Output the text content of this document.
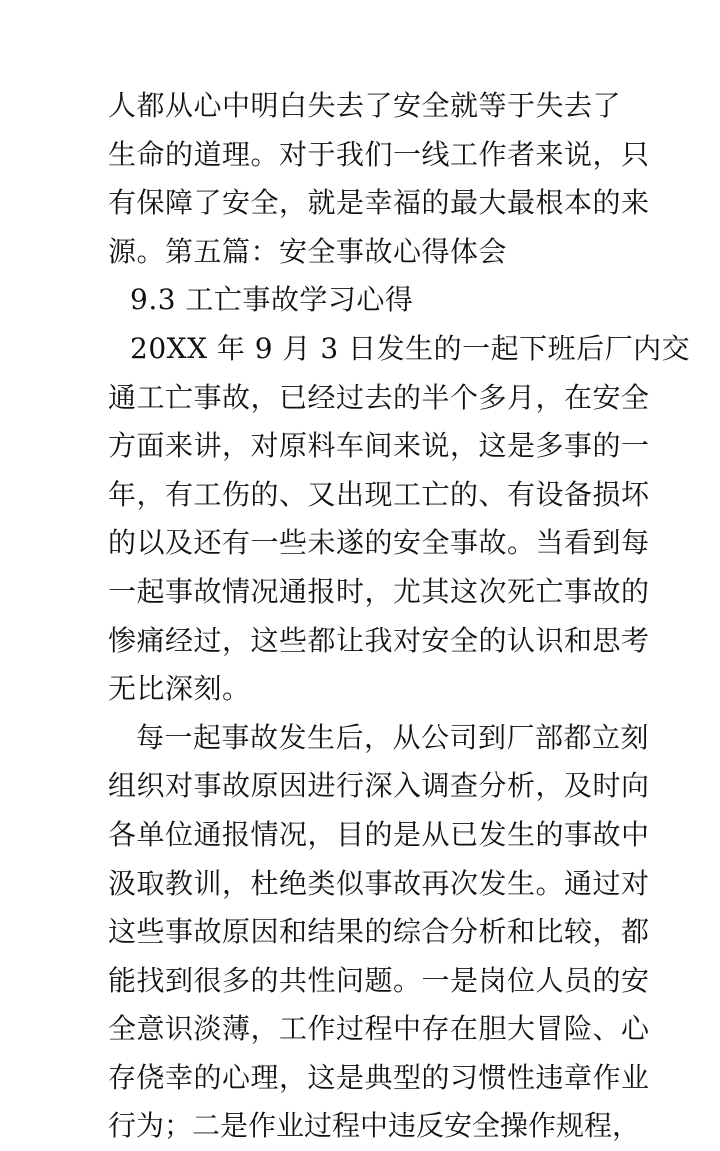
人都从心中明白失去了安全就等于失去了
生命的道理。对于我们一线工作者来说，只
有保障了安全，就是幸福的最大最根本的来
源。第五篇：安全事故心得体会
9.3 工亡事故学习心得
20XX 年 9 月 3 日发生的一起下班后厂内交
通工亡事故，已经过去的半个多月，在安全
方面来讲，对原料车间来说，这是多事的一
年，有工伤的、又出现工亡的、有设备损坏
的以及还有一些未遂的安全事故。当看到每
一起事故情况通报时，尤其这次死亡事故的
惨痛经过，这些都让我对安全的认识和思考
无比深刻。
每一起事故发生后，从公司到厂部都立刻
组织对事故原因进行深入调查分析，及时向
各单位通报情况，目的是从已发生的事故中
汲取教训，杜绝类似事故再次发生。通过对
这些事故原因和结果的综合分析和比较，都
能找到很多的共性问题。一是岗位人员的安
全意识淡薄，工作过程中存在胆大冒险、心
存侥幸的心理，这是典型的习惯性违章作业
行为；二是作业过程中违反安全操作规程，
